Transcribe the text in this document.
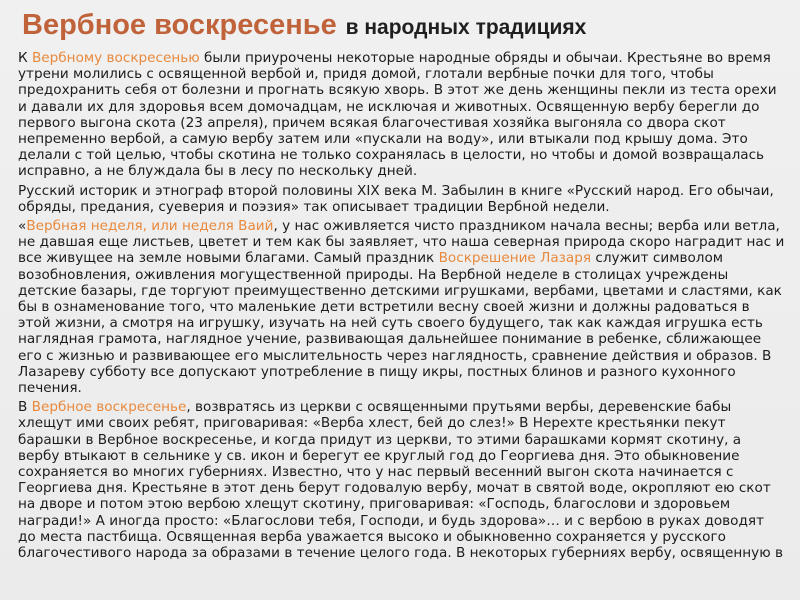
Вербное воскресенье в народных традициях

К Вербному воскресенью были приурочены некоторые народные обряды и обычаи. Крестьяне во время утрени молились с освященной вербой и, придя домой, глотали вербные почки для того, чтобы предохранить себя от болезни и прогнать всякую хворь. В этот же день женщины пекли из теста орехи и давали их для здоровья всем домочадцам, не исключая и животных. Освященную вербу берегли до первого выгона скота (23 апреля), причем всякая благочестивая хозяйка выгоняла со двора скот непременно вербой, а самую вербу затем или «пускали на воду», или втыкали под крышу дома. Это делали с той целью, чтобы скотина не только сохранялась в целости, но чтобы и домой возвращалась исправно, а не блуждала бы в лесу по нескольку дней.

Русский историк и этнограф второй половины XIX века М. Забылин в книге «Русский народ. Его обычаи, обряды, предания, суеверия и поэзия» так описывает традиции Вербной недели.

«Вербная неделя, или неделя Ваий, у нас оживляется чисто праздником начала весны; верба или ветла, не давшая еще листьев, цветет и тем как бы заявляет, что наша северная природа скоро наградит нас и все живущее на земле новыми благами. Самый праздник Воскрешение Лазаря служит символом возобновления, оживления могущественной природы. На Вербной неделе в столицах учреждены детские базары, где торгуют преимущественно детскими игрушками, вербами, цветами и сластями, как бы в ознаменование того, что маленькие дети встретили весну своей жизни и должны радоваться в этой жизни, а смотря на игрушку, изучать на ней суть своего будущего, так как каждая игрушка есть наглядная грамота, наглядное учение, развивающая дальнейшее понимание в ребенке, сближающее его с жизнью и развивающее его мыслительность через наглядность, сравнение действия и образов. В Лазареву субботу все допускают употребление в пищу икры, постных блинов и разного кухонного печения.

В Вербное воскресенье, возвратясь из церкви с освященными прутьями вербы, деревенские бабы хлещут ими своих ребят, приговаривая: «Верба хлест, бей до слез!» В Нерехте крестьянки пекут барашки в Вербное воскресенье, и когда придут из церкви, то этими барашками кормят скотину, а вербу втыкают в сельнике у св. икон и берегут ее круглый год до Георгиева дня. Это обыкновение сохраняется во многих губерниях. Известно, что у нас первый весенний выгон скота начинается с Георгиева дня. Крестьяне в этот день берут годовалую вербу, мочат в святой воде, окропляют ею скот на дворе и потом этою вербою хлещут скотину, приговаривая: «Господь, благослови и здоровьем награди!» А иногда просто: «Благослови тебя, Господи, и будь здорова»… и с вербою в руках доводят до места пастбища. Освященная верба уважается высоко и обыкновенно сохраняется у русского благочестивого народа за образами в течение целого года. В некоторых губерниях вербу, освященную в
